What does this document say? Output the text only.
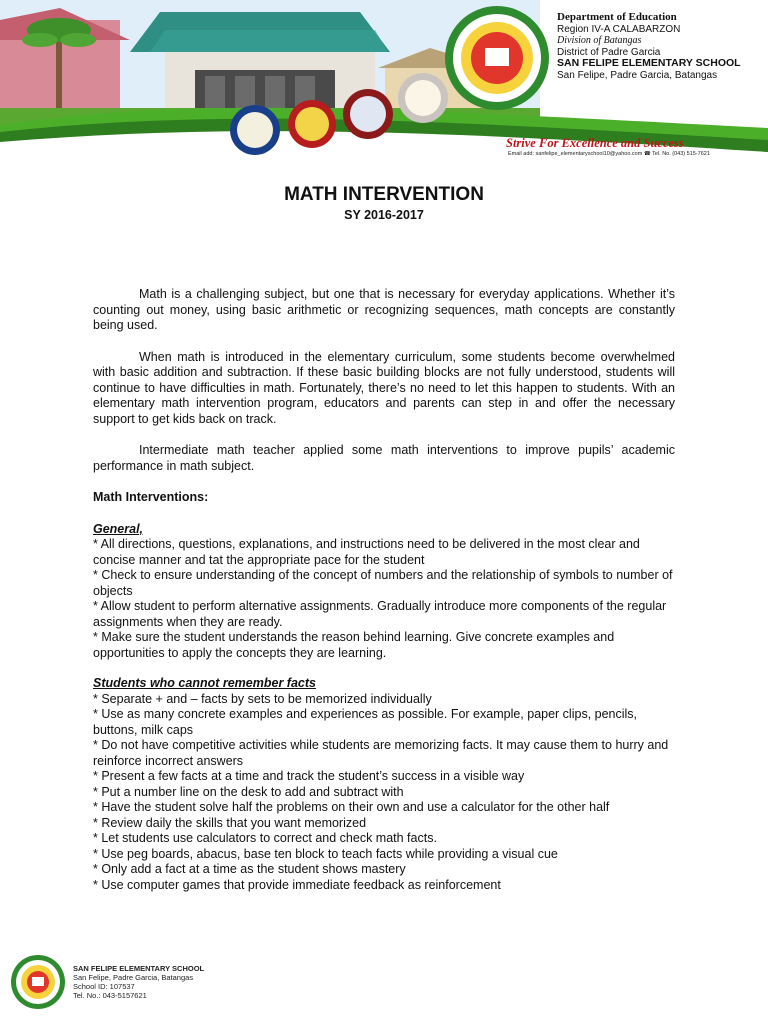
Department of Education
Region IV-A CALABARZON
Division of Batangas
District of Padre Garcia
SAN FELIPE ELEMENTARY SCHOOL
San Felipe, Padre Garcia, Batangas
Strive For Excellence and Success
Email add: sanfelipe_elementaryschool10@yahoo.com ☎ Tel. No. (043) 515-7621
MATH INTERVENTION
SY 2016-2017

Math is a challenging subject, but one that is necessary for everyday applications. Whether it’s counting out money, using basic arithmetic or recognizing sequences, math concepts are constantly being used.

When math is introduced in the elementary curriculum, some students become overwhelmed with basic addition and subtraction. If these basic building blocks are not fully understood, students will continue to have difficulties in math. Fortunately, there’s no need to let this happen to students. With an elementary math intervention program, educators and parents can step in and offer the necessary support to get kids back on track.

Intermediate math teacher applied some math interventions to improve pupils’ academic performance in math subject.

Math Interventions:
General,
* All directions, questions, explanations, and instructions need to be delivered in the most clear and concise manner and tat the appropriate pace for the student
* Check to ensure understanding of the concept of numbers and the relationship of symbols to number of objects
* Allow student to perform alternative assignments. Gradually introduce more components of the regular assignments when they are ready.
* Make sure the student understands the reason behind learning. Give concrete examples and opportunities to apply the concepts they are learning.
Students who cannot remember facts
* Separate + and – facts by sets to be memorized individually
* Use as many concrete examples and experiences as possible. For example, paper clips, pencils, buttons, milk caps
* Do not have competitive activities while students are memorizing facts. It may cause them to hurry and reinforce incorrect answers
* Present a few facts at a time and track the student’s success in a visible way
* Put a number line on the desk to add and subtract with
* Have the student solve half the problems on their own and use a calculator for the other half
* Review daily the skills that you want memorized
* Let students use calculators to correct and check math facts.
* Use peg boards, abacus, base ten block to teach facts while providing a visual cue
* Only add a fact at a time as the student shows mastery
* Use computer games that provide immediate feedback as reinforcement
SAN FELIPE ELEMENTARY SCHOOL
San Felipe, Padre Garcia, Batangas
School ID: 107537
Tel. No.: 043-5157621
